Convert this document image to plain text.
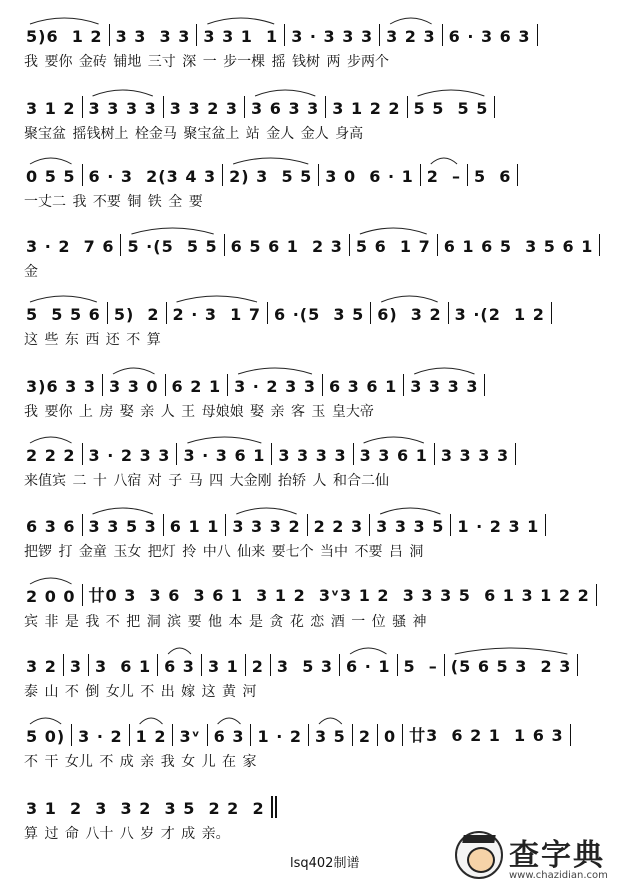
5)6  1 2 3 3  3 3 3 3 1  1 3 · 3 3 3 3 2 3 6 · 3 6 3
我 要你 金砖 铺地 三寸 深 一 步一棵 摇 钱树 两 步两个
3 1 2 3 3 3 3 3 3 2 3 3 6 3 3 3 1 2 2 5 5  5 5
聚宝盆 摇钱树上 栓金马 聚宝盆上 站 金人 金人 身高
0 5 5 6 · 3  2(3 4 3 2) 3  5 5 3 0  6 · 1 2  – 5  6
一丈二 我 不要 铜 铁 全 要
3 · 2  7 6 5 ·(5  5 5 6 5 6 1  2 3 5 6  1 7 6 1 6 5  3 5 6 1
金
5  5 5 6 5)  2 2 · 3  1 7 6 ·(5  3 5 6)  3 2 3 ·(2  1 2
这 些 东 西 还 不 算
3)6 3 3 3 3 0 6 2 1 3 · 2 3 3 6 3 6 1 3 3 3 3
我 要你 上 房 娶 亲 人 王 母娘娘 娶 亲 客 玉 皇大帝
2 2 2 3 · 2 3 3 3 · 3 6 1 3 3 3 3 3 3 6 1 3 3 3 3
来值宾 二 十 八宿 对 子 马 四 大金刚 抬轿 人 和合二仙
6 3 6 3 3 5 3 6 1 1 3 3 3 2 2 2 3 3 3 3 5 1 · 2 3 1
把锣 打 金童 玉女 把灯 拎 中八 仙来 要七个 当中 不要 吕 洞
2 0 0 廿0 3  3 6  3 6 1  3 1 2  3ᵛ3 1 2  3 3 3 5  6 1 3 1 2 2
宾 非 是 我 不 把 洞 滨 要 他 本 是 贪 花 恋 酒 一 位 骚 神
3 2 3 3  6 1 6 3 3 1 2 3  5 3 6 · 1 5  – (5 6 5 3  2 3
泰 山 不 倒 女儿 不 出 嫁 这 黄 河
5 0) 3 · 2 1 2 3ᵛ 6 3 1 · 2 3 5 2 0 廿3  6 2 1  1 6 3
不 干 女儿 不 成 亲 我 女 儿 在 家
3 1  2  3  3 2  3 5  2 2  2
算 过 命 八十 八 岁 才 成 亲。
lsq402制谱	查字典
www.chazidian.com
